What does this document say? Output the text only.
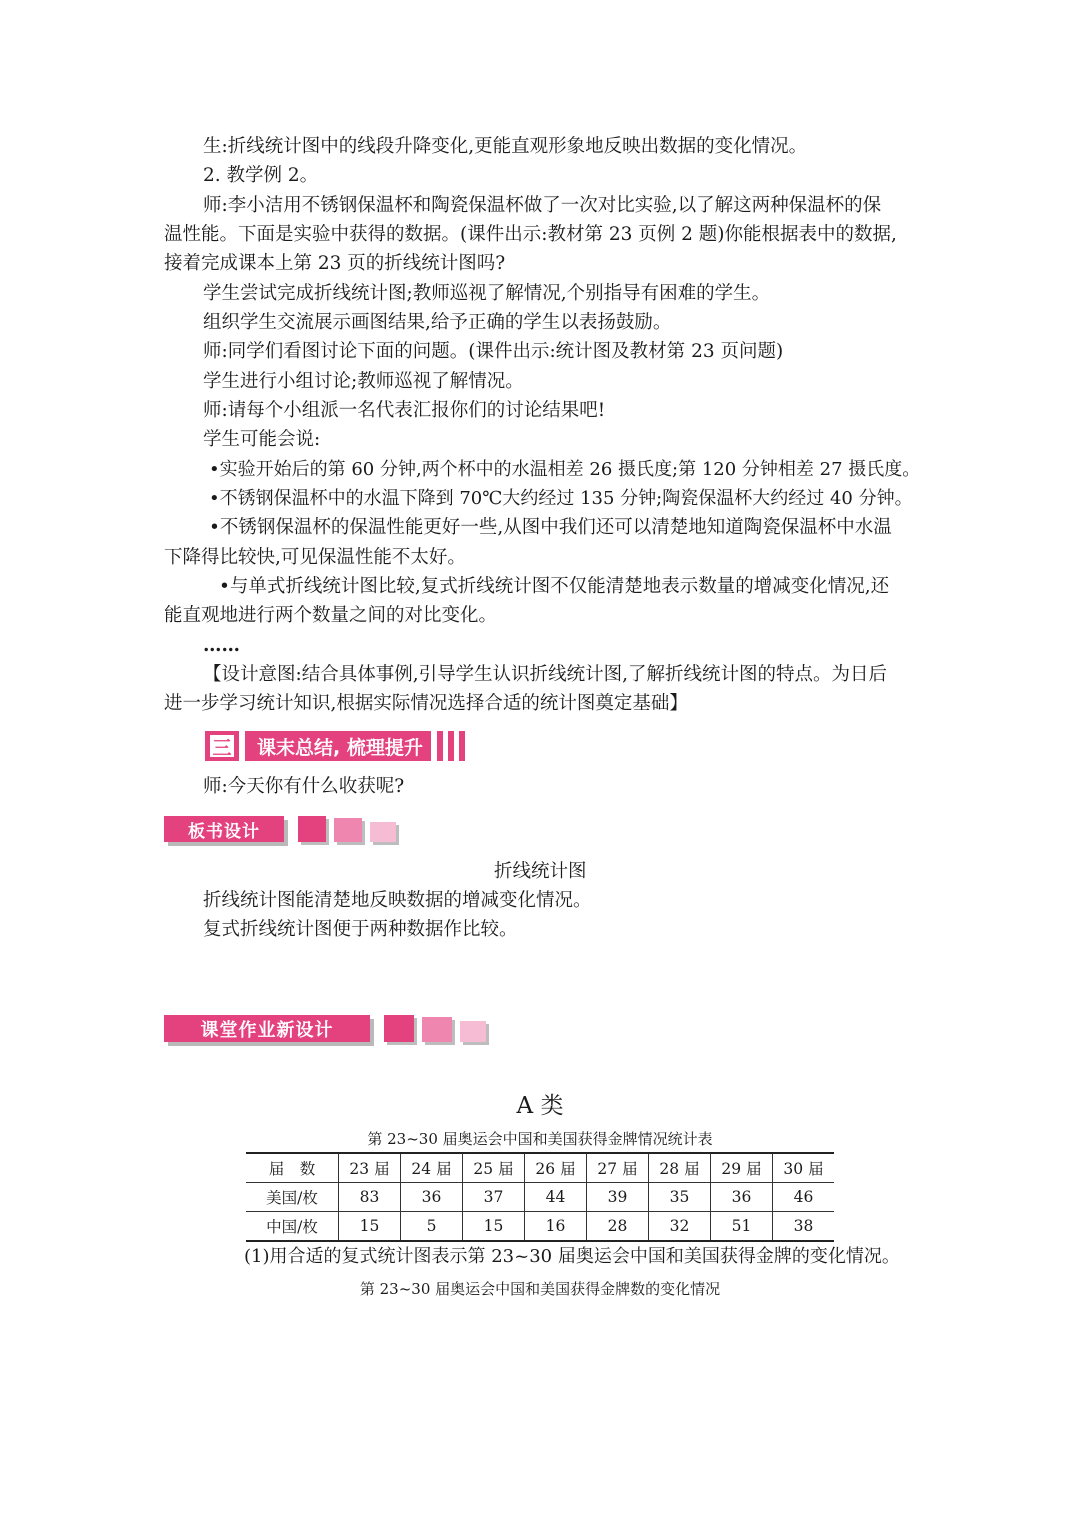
生:折线统计图中的线段升降变化,更能直观形象地反映出数据的变化情况。
2. 教学例 2。
师:李小洁用不锈钢保温杯和陶瓷保温杯做了一次对比实验,以了解这两种保温杯的保
温性能。下面是实验中获得的数据。(课件出示:教材第 23 页例 2 题)你能根据表中的数据,
接着完成课本上第 23 页的折线统计图吗?
学生尝试完成折线统计图;教师巡视了解情况,个别指导有困难的学生。
组织学生交流展示画图结果,给予正确的学生以表扬鼓励。
师:同学们看图讨论下面的问题。(课件出示:统计图及教材第 23 页问题)
学生进行小组讨论;教师巡视了解情况。
师:请每个小组派一名代表汇报你们的讨论结果吧!
学生可能会说:
•实验开始后的第 60 分钟,两个杯中的水温相差 26 摄氏度;第 120 分钟相差 27 摄氏度。
•不锈钢保温杯中的水温下降到 70℃大约经过 135 分钟;陶瓷保温杯大约经过 40 分钟。
•不锈钢保温杯的保温性能更好一些,从图中我们还可以清楚地知道陶瓷保温杯中水温
下降得比较快,可见保温性能不太好。
•与单式折线统计图比较,复式折线统计图不仅能清楚地表示数量的增减变化情况,还
能直观地进行两个数量之间的对比变化。
……
【设计意图:结合具体事例,引导学生认识折线统计图,了解折线统计图的特点。为日后
进一步学习统计知识,根据实际情况选择合适的统计图奠定基础】
三	课末总结, 梳理提升
师:今天你有什么收获呢?
板书设计
折线统计图
折线统计图能清楚地反映数据的增减变化情况。
复式折线统计图便于两种数据作比较。
课堂作业新设计
A 类
第 23~30 届奥运会中国和美国获得金牌情况统计表
届　数	23 届	24 届	25 届	26 届	27 届	28 届	29 届	30 届
美国/枚	83	36	37	44	39	35	36	46
中国/枚	15	5	15	16	28	32	51	38
(1)用合适的复式统计图表示第 23~30 届奥运会中国和美国获得金牌的变化情况。
第 23~30 届奥运会中国和美国获得金牌数的变化情况
